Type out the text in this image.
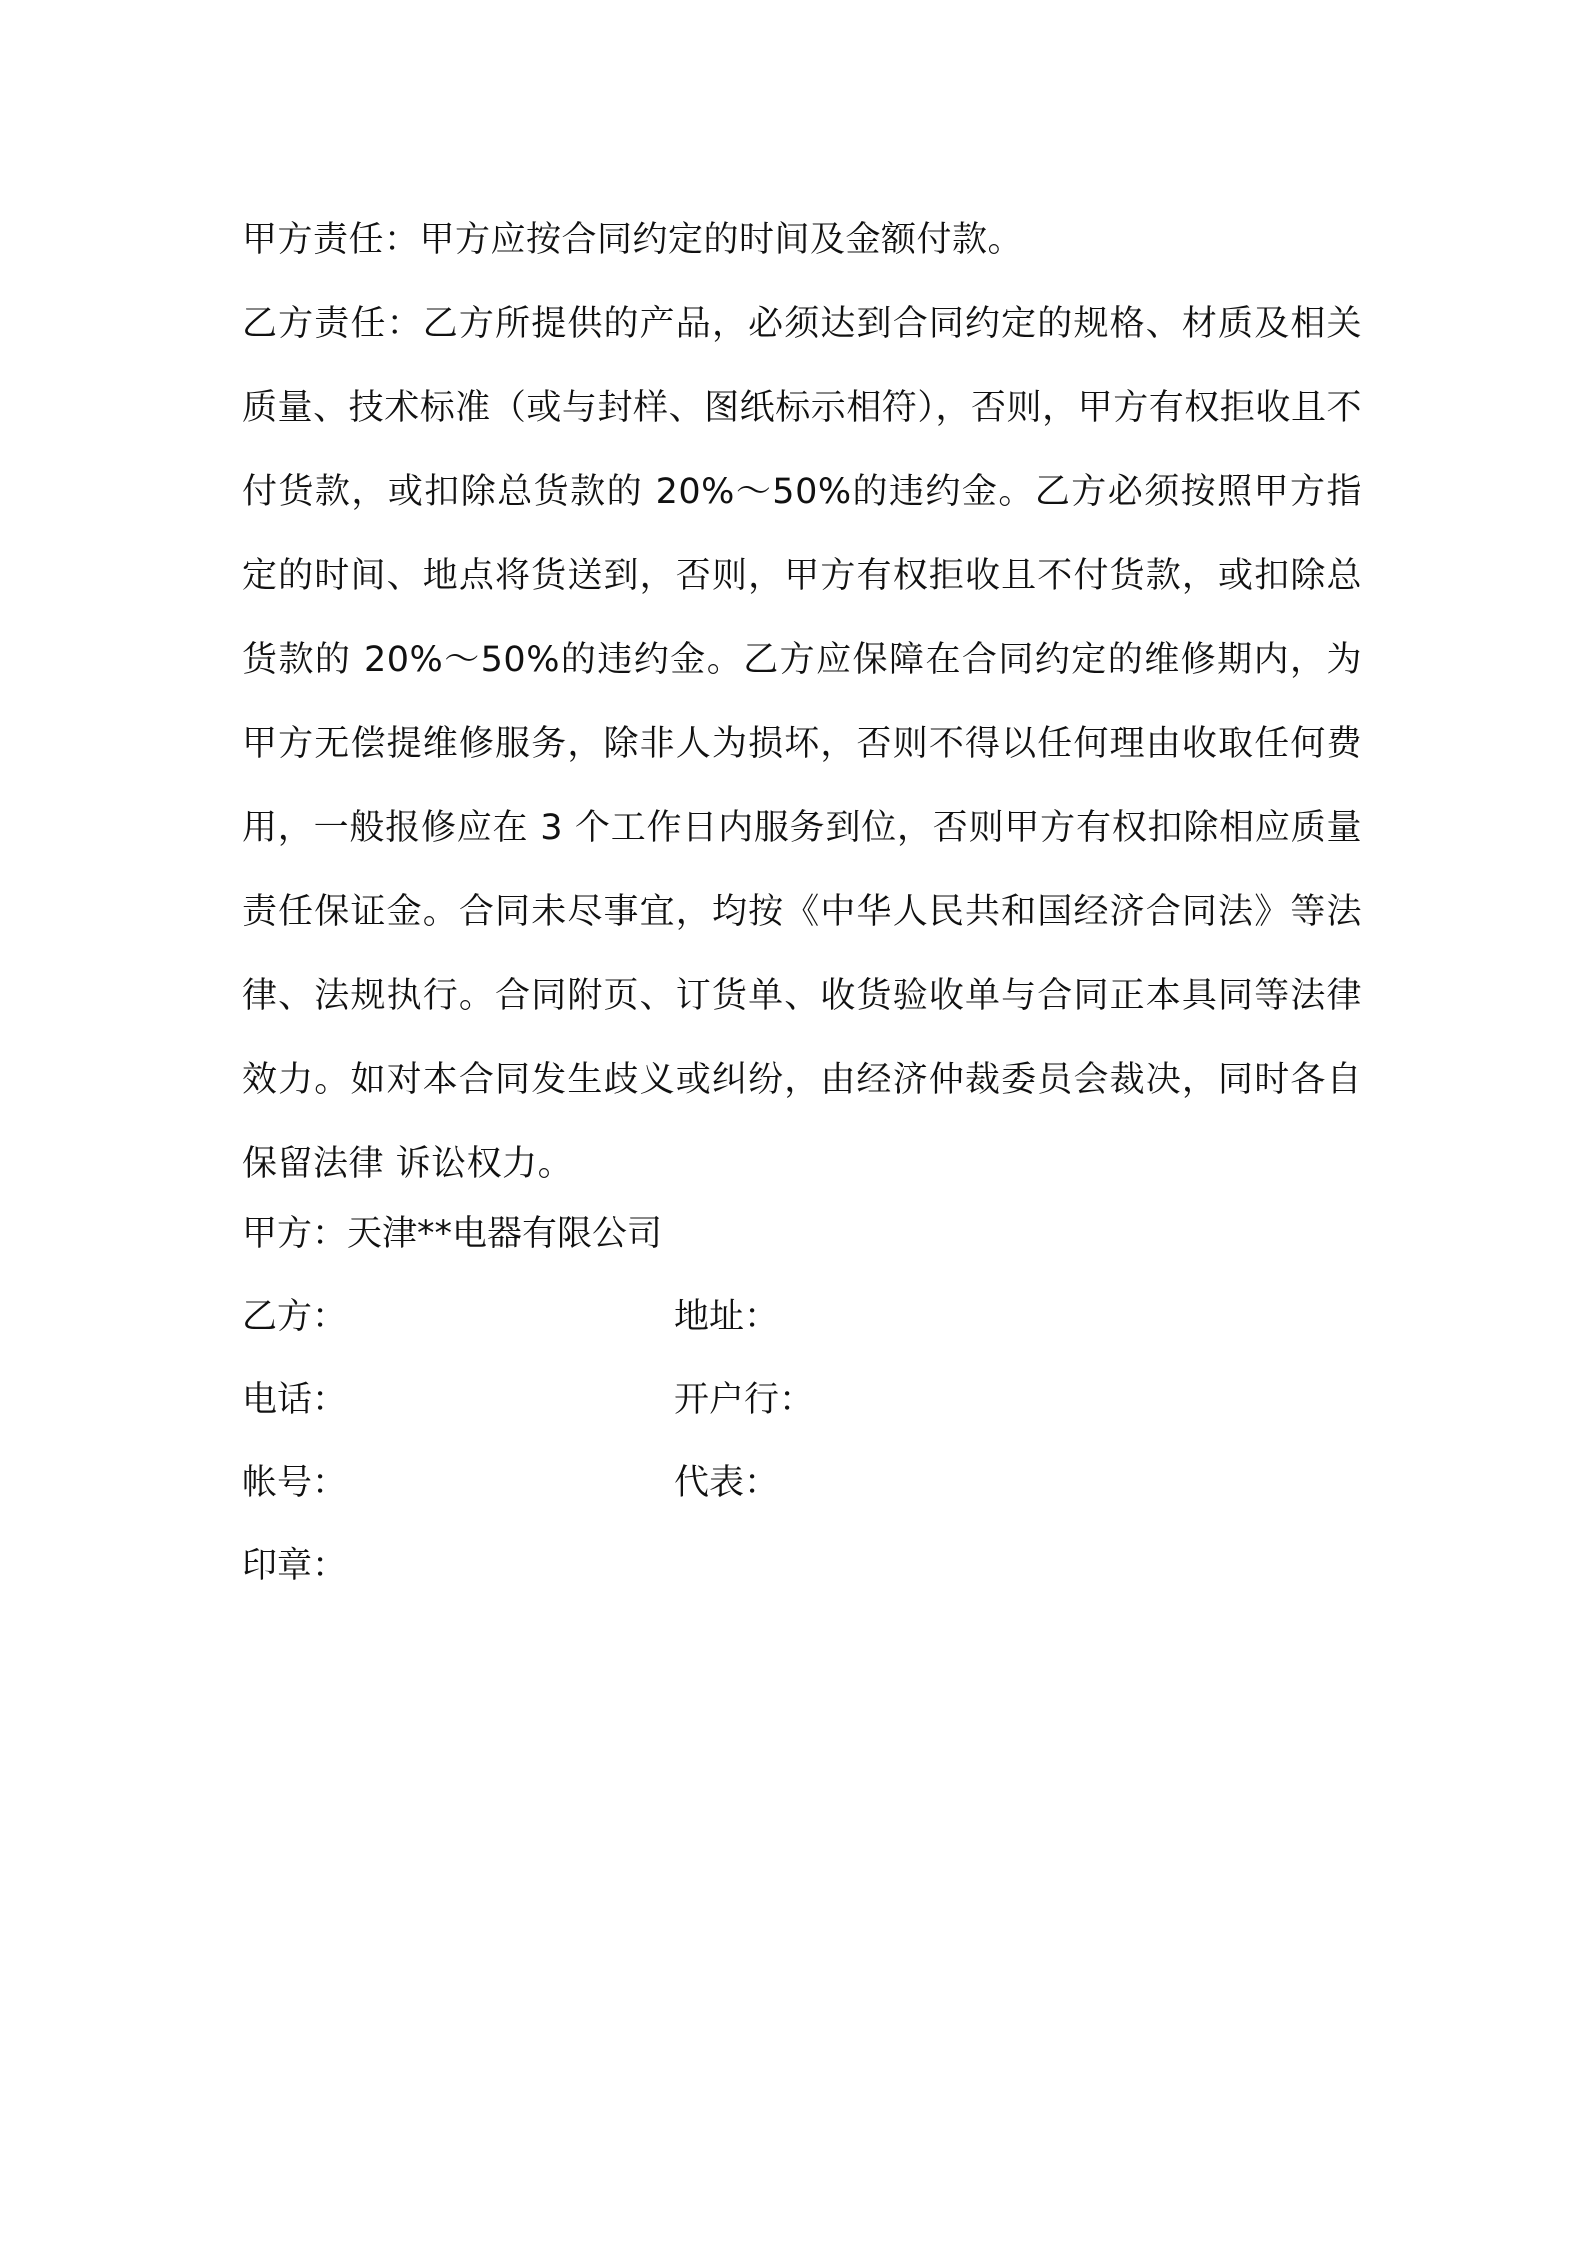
甲方责任：甲方应按合同约定的时间及金额付款。

乙方责任：乙方所提供的产品，必须达到合同约定的规格、材质及相关质量、技术标准（或与封样、图纸标示相符），否则，甲方有权拒收且不付货款，或扣除总货款的 20%～50%的违约金。乙方必须按照甲方指定的时间、地点将货送到，否则，甲方有权拒收且不付货款，或扣除总货款的 20%～50%的违约金。乙方应保障在合同约定的维修期内，为甲方无偿提维修服务，除非人为损坏，否则不得以任何理由收取任何费用，一般报修应在 3 个工作日内服务到位，否则甲方有权扣除相应质量责任保证金。合同未尽事宜，均按《中华人民共和国经济合同法》等法律、法规执行。合同附页、订货单、收货验收单与合同正本具同等法律效力。如对本合同发生歧义或纠纷，由经济仲裁委员会裁决，同时各自保留法律 诉讼权力。

甲方：天津**电器有限公司
乙方：	地址：
电话：	开户行：
帐号：	代表：
印章：
